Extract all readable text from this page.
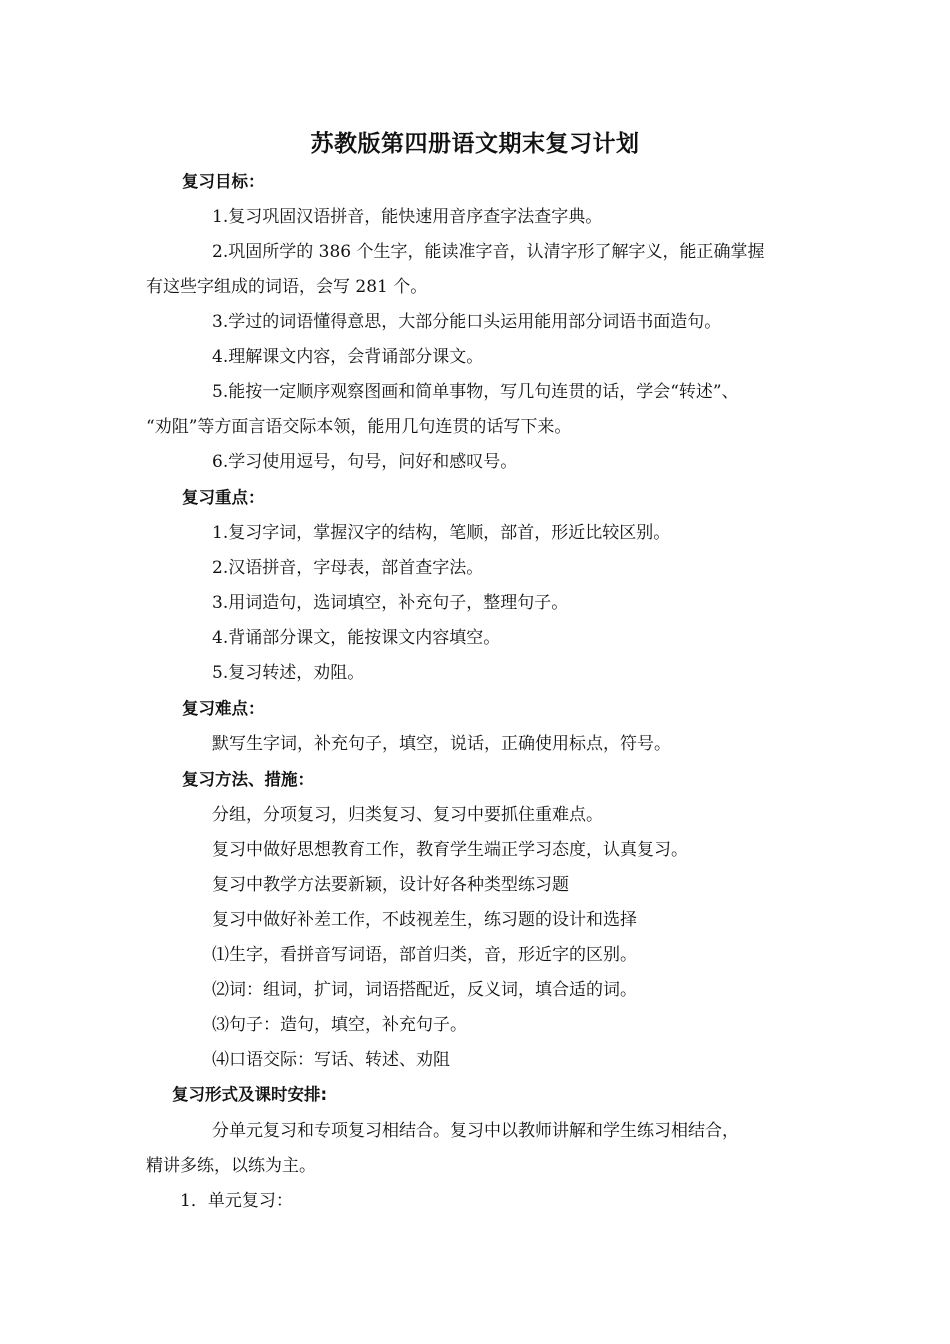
苏教版第四册语文期末复习计划
复习目标：
1.复习巩固汉语拼音，能快速用音序查字法查字典。
2.巩固所学的 386 个生字，能读准字音，认清字形了解字义，能正确掌握
有这些字组成的词语，会写 281 个。
3.学过的词语懂得意思，大部分能口头运用能用部分词语书面造句。
4.理解课文内容，会背诵部分课文。
5.能按一定顺序观察图画和简单事物，写几句连贯的话，学会“转述”、
“劝阻”等方面言语交际本领，能用几句连贯的话写下来。
6.学习使用逗号，句号，问好和感叹号。
复习重点：
1.复习字词，掌握汉字的结构，笔顺，部首，形近比较区别。
2.汉语拼音，字母表，部首查字法。
3.用词造句，选词填空，补充句子，整理句子。
4.背诵部分课文，能按课文内容填空。
5.复习转述，劝阻。
复习难点：
默写生字词，补充句子，填空，说话，正确使用标点，符号。
复习方法、措施：
分组，分项复习，归类复习、复习中要抓住重难点。
复习中做好思想教育工作，教育学生端正学习态度，认真复习。
复习中教学方法要新颖，设计好各种类型练习题
复习中做好补差工作，不歧视差生，练习题的设计和选择
⑴生字，看拼音写词语，部首归类，音，形近字的区别。
⑵词：组词，扩词，词语搭配近，反义词，填合适的词。
⑶句子：造句，填空，补充句子。
⑷口语交际：写话、转述、劝阻
复习形式及课时安排:
分单元复习和专项复习相结合。复习中以教师讲解和学生练习相结合，
精讲多练，以练为主。
1．单元复习：
